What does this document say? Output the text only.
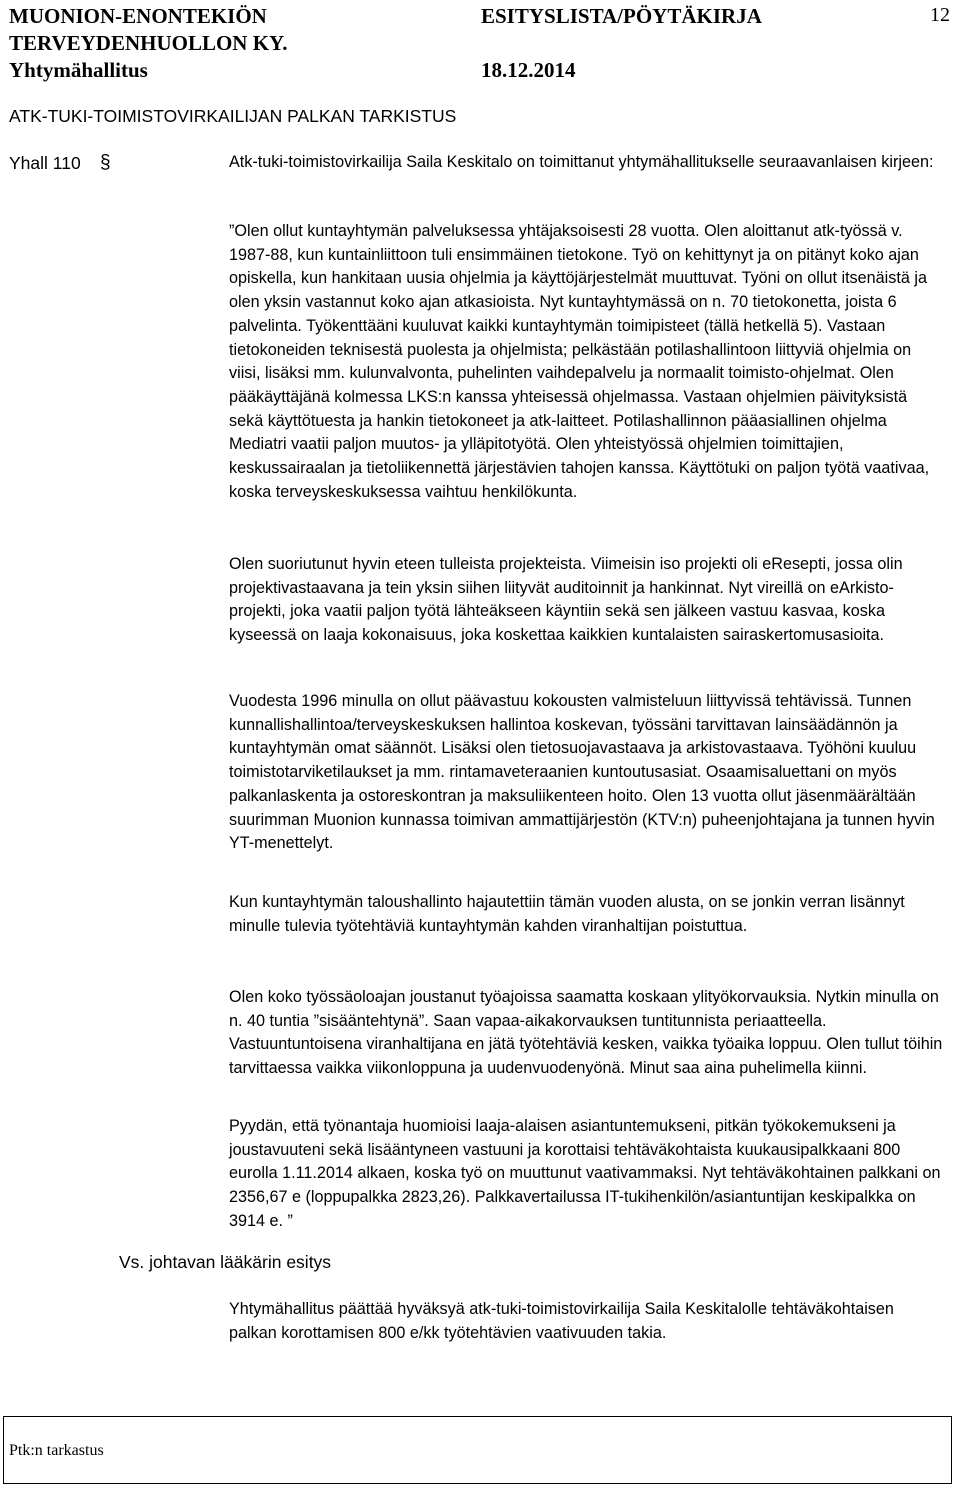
MUONION-ENONTEKIÖN
TERVEYDENHUOLLON KY.
Yhtymähallitus
ESITYSLISTA/PÖYTÄKIRJA
18.12.2014
12
ATK-TUKI-TOIMISTOVIRKAILIJAN PALKAN TARKISTUS
Yhall 110 §	Atk-tuki-toimistovirkailija Saila Keskitalo on toimittanut yhtymähallitukselle seuraavanlaisen kirjeen:
”Olen ollut kuntayhtymän palveluksessa yhtäjaksoisesti 28 vuotta. Olen aloittanut atk-työssä v. 1987-88, kun kuntainliittoon tuli ensimmäinen tietokone. Työ on kehittynyt ja on pitänyt koko ajan opiskella, kun hankitaan uusia ohjelmia ja käyttöjärjestelmät muuttuvat. Työni on ollut itsenäistä ja olen yksin vastannut koko ajan atkasioista. Nyt kuntayhtymässä on n. 70 tietokonetta, joista 6 palvelinta. Työkenttääni kuuluvat kaikki kuntayhtymän toimipisteet (tällä hetkellä 5). Vastaan tietokoneiden teknisestä puolesta ja ohjelmista; pelkästään potilashallintoon liittyviä ohjelmia on viisi, lisäksi mm. kulunvalvonta, puhelinten vaihdepalvelu ja normaalit toimisto-ohjelmat. Olen pääkäyttäjänä kolmessa LKS:n kanssa yhteisessä ohjelmassa. Vastaan ohjelmien päivityksistä sekä käyttötuesta ja hankin tietokoneet ja atk-laitteet. Potilashallinnon pääasiallinen ohjelma Mediatri vaatii paljon muutos- ja ylläpitotyötä. Olen yhteistyössä ohjelmien toimittajien, keskussairaalan ja tietoliikennettä järjestävien tahojen kanssa. Käyttötuki on paljon työtä vaativaa, koska terveyskeskuksessa vaihtuu henkilökunta.
Olen suoriutunut hyvin eteen tulleista projekteista. Viimeisin iso projekti oli eResepti, jossa olin projektivastaavana ja tein yksin siihen liityvät auditoinnit ja hankinnat. Nyt vireillä on eArkisto-projekti, joka vaatii paljon työtä lähteäkseen käyntiin sekä sen jälkeen vastuu kasvaa, koska kyseessä on laaja kokonaisuus, joka koskettaa kaikkien kuntalaisten sairaskertomusasioita.
Vuodesta 1996 minulla on ollut päävastuu kokousten valmisteluun liittyvissä tehtävissä. Tunnen kunnallishallintoa/terveyskeskuksen hallintoa koskevan, työssäni tarvittavan lainsäädännön ja kuntayhtymän omat säännöt. Lisäksi olen tietosuojavastaava ja arkistovastaava. Työhöni kuuluu toimistotarviketilaukset ja mm. rintamaveteraanien kuntoutusasiat. Osaamisaluettani on myös palkanlaskenta ja ostoreskontran ja maksuliikenteen hoito. Olen 13 vuotta ollut jäsenmäärältään suurimman Muonion kunnassa toimivan ammattijärjestön (KTV:n) puheenjohtajana ja tunnen hyvin YT-menettelyt.
Kun kuntayhtymän taloushallinto hajautettiin tämän vuoden alusta, on se jonkin verran lisännyt minulle tulevia työtehtäviä kuntayhtymän kahden viranhaltijan poistuttua.
Olen koko työssäoloajan joustanut työajoissa saamatta koskaan ylityökorvauksia. Nytkin minulla on n. 40 tuntia ”sisääntehtynä”. Saan vapaa-aikakorvauksen tuntitunnista periaatteella. Vastuuntuntoisena viranhaltijana en jätä työtehtäviä kesken, vaikka työaika loppuu. Olen tullut töihin tarvittaessa vaikka viikonloppuna ja uudenvuodenyönä. Minut saa aina puhelimella kiinni.
Pyydän, että työnantaja huomioisi laaja-alaisen asiantuntemukseni, pitkän työkokemukseni ja joustavuuteni sekä lisääntyneen vastuuni ja korottaisi tehtäväkohtaista kuukausipalkkaani 800 eurolla 1.11.2014 alkaen, koska työ on muuttunut vaativammaksi. Nyt tehtäväkohtainen palkkani on 2356,67 e (loppupalkka 2823,26). Palkkavertailussa IT-tukihenkilön/asiantuntijan keskipalkka on 3914 e. ”
Vs. johtavan lääkärin esitys
Yhtymähallitus päättää hyväksyä atk-tuki-toimistovirkailija Saila Keskitalolle tehtäväkohtaisen palkan korottamisen 800 e/kk työtehtävien vaativuuden takia.
Ptk:n tarkastus
